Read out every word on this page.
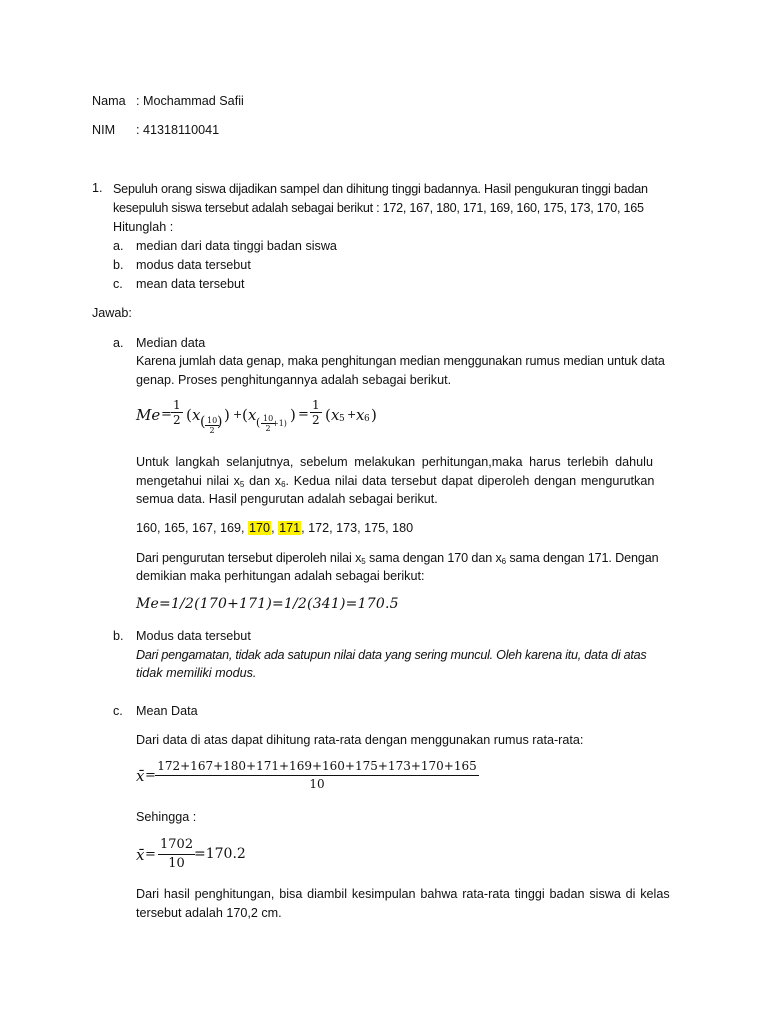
Nama : Mochammad Safii
NIM : 41318110041
1. Sepuluh orang siswa dijadikan sampel dan dihitung tinggi badannya. Hasil pengukuran tinggi badan
kesepuluh siswa tersebut adalah sebagai berikut : 172, 167, 180, 171, 169, 160, 175, 173, 170, 165
Hitunglah :
a. median dari data tinggi badan siswa
b. modus data tersebut
c. mean data tersebut
Jawab:
a. Median data
Karena jumlah data genap, maka penghitungan median menggunakan rumus median untuk data
genap. Proses penghitungannya adalah sebagai berikut.
$Me = \frac{1}{2}$ ( x ( $\frac{10}{2}$
) ) + ( x ( $\frac{10}{2}$
+1) ) = $\frac{1}{2}$ ( x 5 + x 6 )
Untuk langkah selanjutnya, sebelum melakukan perhitungan,maka harus terlebih dahulu
mengetahui nilai $x_5$ dan $x_6$. Kedua nilai data tersebut dapat diperoleh dengan mengurutkan
semua data. Hasil pengurutan adalah sebagai berikut.
160, 165, 167, 169, 170, 171, 172, 173, 175, 180
Dari pengurutan tersebut diperoleh nilai $x_5$ sama dengan 170 dan $x_6$ sama dengan 171. Dengan
demikian maka perhitungan adalah sebagai berikut:
Me=1/2(170+171)=1/2(341)=170.5
b. Modus data tersebut
Dari pengamatan, tidak ada satupun nilai data yang sering muncul. Oleh karena itu, data di atas
tidak memiliki modus.
c. Mean Data
Dari data di atas dapat dihitung rata-rata dengan menggunakan rumus rata-rata:
x̄ = $\frac{172+167+180+171+169+160+175+173+170+165}{10}$
Sehingga :
x̄ = $\frac{1702}{10}$
=170.2
Dari hasil penghitungan, bisa diambil kesimpulan bahwa rata-rata tinggi badan siswa di kelas
tersebut adalah 170,2 cm.
